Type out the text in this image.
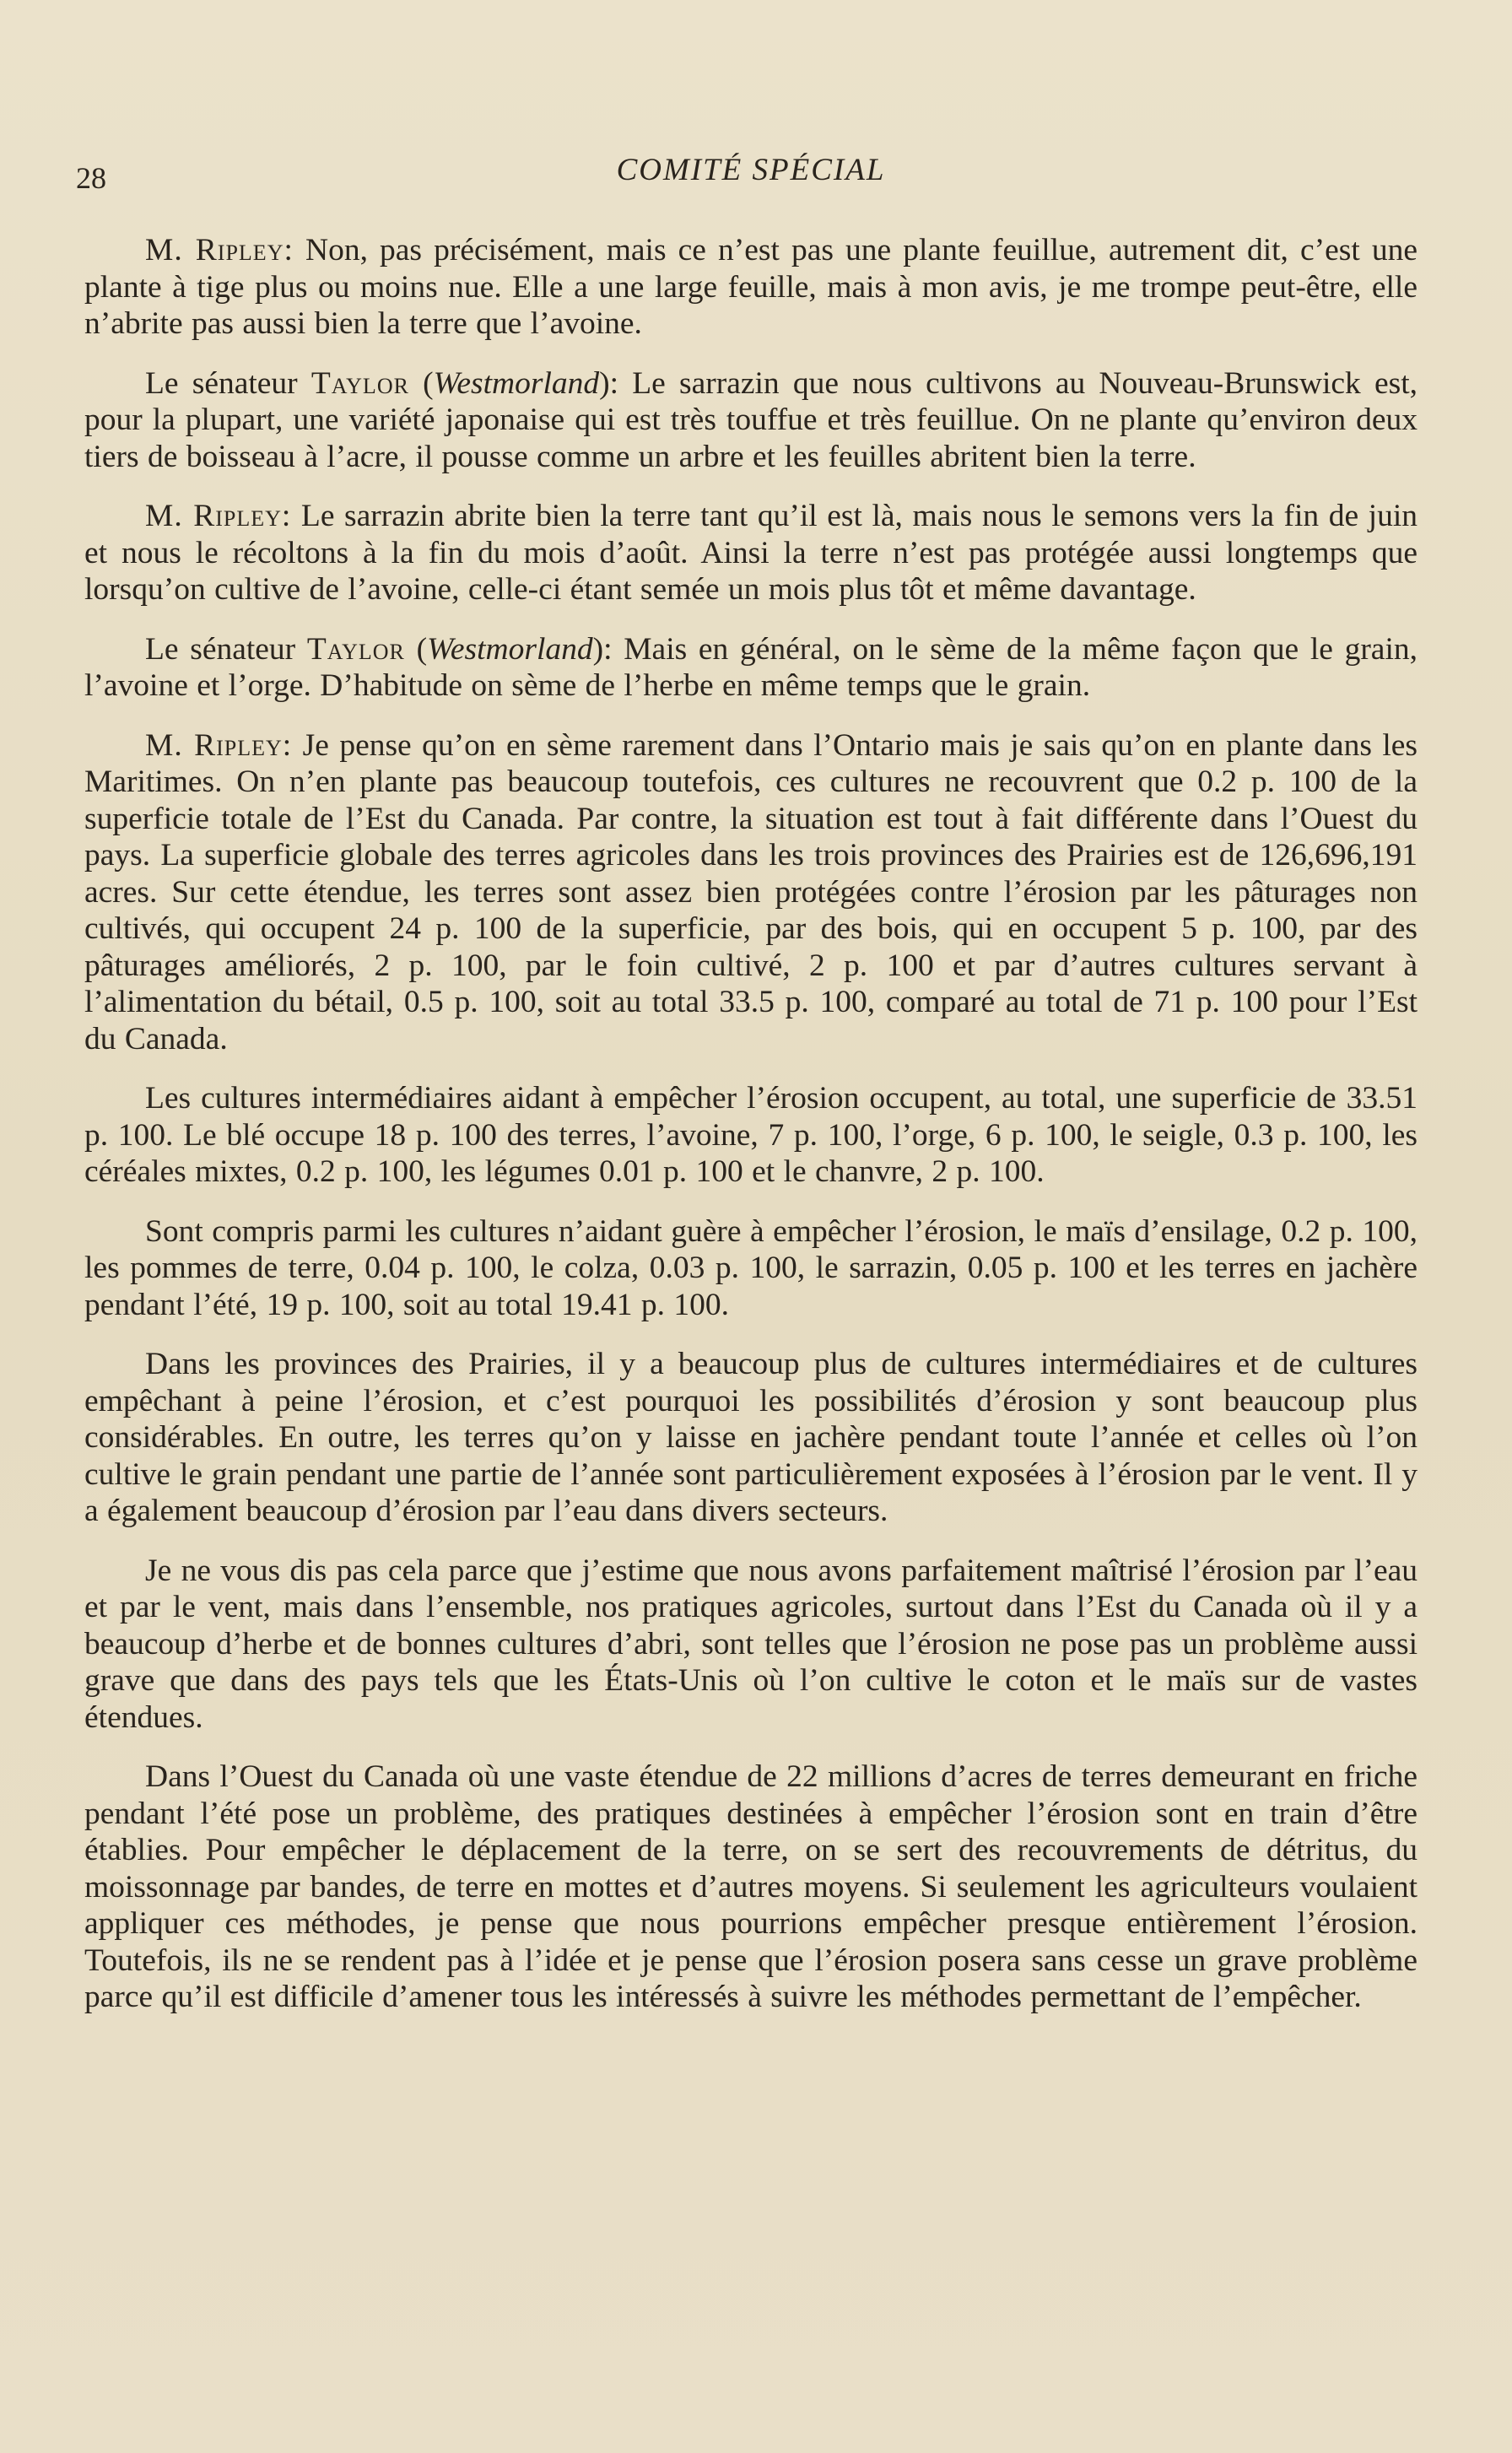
28	COMITÉ SPÉCIAL

M. Ripley: Non, pas précisément, mais ce n’est pas une plante feuillue, autrement dit, c’est une plante à tige plus ou moins nue. Elle a une large feuille, mais à mon avis, je me trompe peut-être, elle n’abrite pas aussi bien la terre que l’avoine.

Le sénateur Taylor (Westmorland): Le sarrazin que nous cultivons au Nouveau-Brunswick est, pour la plupart, une variété japonaise qui est très touffue et très feuillue. On ne plante qu’environ deux tiers de boisseau à l’acre, il pousse comme un arbre et les feuilles abritent bien la terre.

M. Ripley: Le sarrazin abrite bien la terre tant qu’il est là, mais nous le semons vers la fin de juin et nous le récoltons à la fin du mois d’août. Ainsi la terre n’est pas protégée aussi longtemps que lorsqu’on cultive de l’avoine, celle-ci étant semée un mois plus tôt et même davantage.

Le sénateur Taylor (Westmorland): Mais en général, on le sème de la même façon que le grain, l’avoine et l’orge. D’habitude on sème de l’herbe en même temps que le grain.

M. Ripley: Je pense qu’on en sème rarement dans l’Ontario mais je sais qu’on en plante dans les Maritimes. On n’en plante pas beaucoup toutefois, ces cultures ne recouvrent que 0.2 p. 100 de la superficie totale de l’Est du Canada. Par contre, la situation est tout à fait différente dans l’Ouest du pays. La superficie globale des terres agricoles dans les trois provinces des Prairies est de 126,696,191 acres. Sur cette étendue, les terres sont assez bien protégées contre l’érosion par les pâturages non cultivés, qui occupent 24 p. 100 de la superficie, par des bois, qui en occupent 5 p. 100, par des pâturages améliorés, 2 p. 100, par le foin cultivé, 2 p. 100 et par d’autres cultures servant à l’alimentation du bétail, 0.5 p. 100, soit au total 33.5 p. 100, comparé au total de 71 p. 100 pour l’Est du Canada.

Les cultures intermédiaires aidant à empêcher l’érosion occupent, au total, une superficie de 33.51 p. 100. Le blé occupe 18 p. 100 des terres, l’avoine, 7 p. 100, l’orge, 6 p. 100, le seigle, 0.3 p. 100, les céréales mixtes, 0.2 p. 100, les légumes 0.01 p. 100 et le chanvre, 2 p. 100.

Sont compris parmi les cultures n’aidant guère à empêcher l’érosion, le maïs d’ensilage, 0.2 p. 100, les pommes de terre, 0.04 p. 100, le colza, 0.03 p. 100, le sarrazin, 0.05 p. 100 et les terres en jachère pendant l’été, 19 p. 100, soit au total 19.41 p. 100.

Dans les provinces des Prairies, il y a beaucoup plus de cultures intermédiaires et de cultures empêchant à peine l’érosion, et c’est pourquoi les possibilités d’érosion y sont beaucoup plus considérables. En outre, les terres qu’on y laisse en jachère pendant toute l’année et celles où l’on cultive le grain pendant une partie de l’année sont particulièrement exposées à l’érosion par le vent. Il y a également beaucoup d’érosion par l’eau dans divers secteurs.

Je ne vous dis pas cela parce que j’estime que nous avons parfaitement maîtrisé l’érosion par l’eau et par le vent, mais dans l’ensemble, nos pratiques agricoles, surtout dans l’Est du Canada où il y a beaucoup d’herbe et de bonnes cultures d’abri, sont telles que l’érosion ne pose pas un problème aussi grave que dans des pays tels que les États-Unis où l’on cultive le coton et le maïs sur de vastes étendues.

Dans l’Ouest du Canada où une vaste étendue de 22 millions d’acres de terres demeurant en friche pendant l’été pose un problème, des pratiques destinées à empêcher l’érosion sont en train d’être établies. Pour empêcher le déplacement de la terre, on se sert des recouvrements de détritus, du moissonnage par bandes, de terre en mottes et d’autres moyens. Si seulement les agriculteurs voulaient appliquer ces méthodes, je pense que nous pourrions empêcher presque entièrement l’érosion. Toutefois, ils ne se rendent pas à l’idée et je pense que l’érosion posera sans cesse un grave problème parce qu’il est difficile d’amener tous les intéressés à suivre les méthodes permettant de l’empêcher.
